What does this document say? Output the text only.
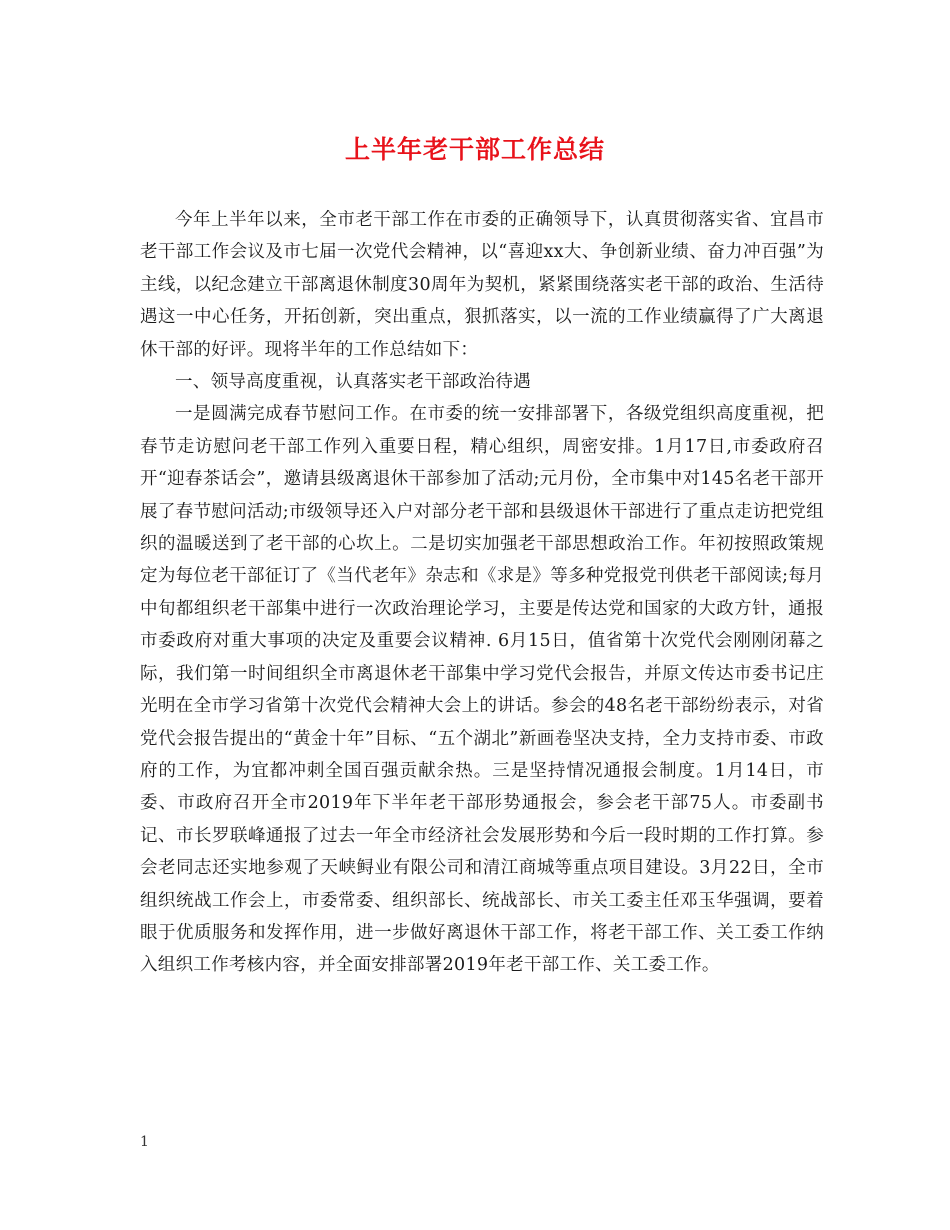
上半年老干部工作总结

今年上半年以来，全市老干部工作在市委的正确领导下，认真贯彻落实省、宜昌市老干部工作会议及市七届一次党代会精神，以“喜迎xx大、争创新业绩、奋力冲百强”为主线，以纪念建立干部离退休制度30周年为契机，紧紧围绕落实老干部的政治、生活待遇这一中心任务，开拓创新，突出重点，狠抓落实，以一流的工作业绩赢得了广大离退休干部的好评。现将半年的工作总结如下：

一、领导高度重视，认真落实老干部政治待遇

一是圆满完成春节慰问工作。在市委的统一安排部署下，各级党组织高度重视，把春节走访慰问老干部工作列入重要日程，精心组织，周密安排。1月17日,市委政府召开“迎春茶话会”，邀请县级离退休干部参加了活动;元月份，全市集中对145名老干部开展了春节慰问活动;市级领导还入户对部分老干部和县级退休干部进行了重点走访把党组织的温暖送到了老干部的心坎上。二是切实加强老干部思想政治工作。年初按照政策规定为每位老干部征订了《当代老年》杂志和《求是》等多种党报党刊供老干部阅读;每月中旬都组织老干部集中进行一次政治理论学习，主要是传达党和国家的大政方针，通报市委政府对重大事项的决定及重要会议精神. 6月15日，值省第十次党代会刚刚闭幕之际，我们第一时间组织全市离退休老干部集中学习党代会报告，并原文传达市委书记庄光明在全市学习省第十次党代会精神大会上的讲话。参会的48名老干部纷纷表示，对省党代会报告提出的“黄金十年”目标、“五个湖北”新画卷坚决支持，全力支持市委、市政府的工作，为宜都冲刺全国百强贡献余热。三是坚持情况通报会制度。1月14日，市委、市政府召开全市2019年下半年老干部形势通报会，参会老干部75人。市委副书记、市长罗联峰通报了过去一年全市经济社会发展形势和今后一段时期的工作打算。参会老同志还实地参观了天峡鲟业有限公司和清江商城等重点项目建设。3月22日，全市组织统战工作会上，市委常委、组织部长、统战部长、市关工委主任邓玉华强调，要着眼于优质服务和发挥作用，进一步做好离退休干部工作，将老干部工作、关工委工作纳入组织工作考核内容，并全面安排部署2019年老干部工作、关工委工作。

1
